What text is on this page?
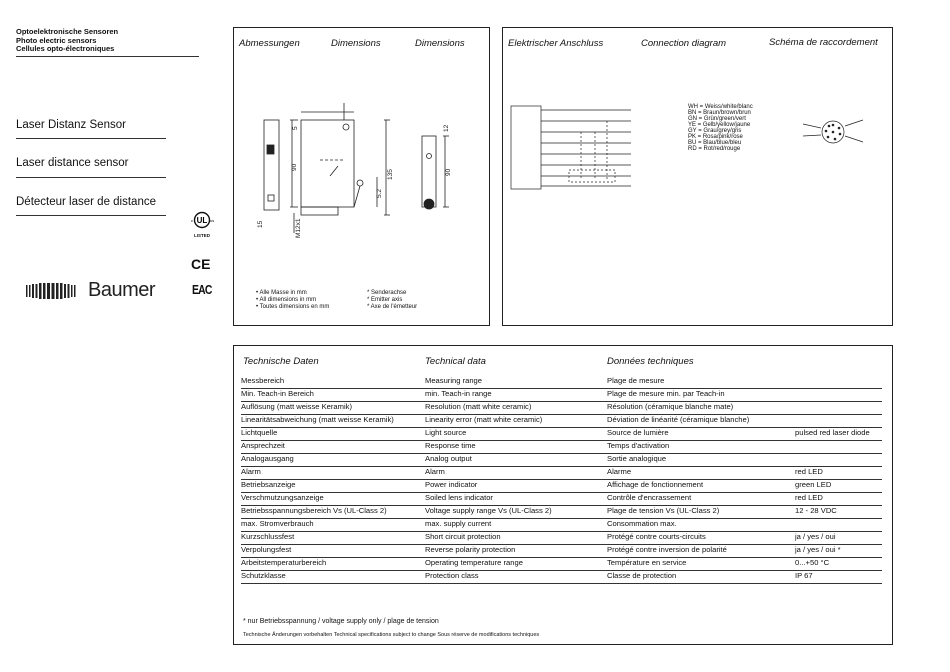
Optoelektronische Sensoren
Photo electric sensors
Cellules opto-électroniques
Laser Distanz Sensor
Laser distance sensor
Détecteur laser de distance
UL
c	us
LISTED
CE
EAC
Baumer
Abmessungen	Dimensions	Dimensions
5
90
M12x1
15
5.2
135
12
90
• Alle Masse in mm
• All dimensions in mm
• Toutes dimensions en mm
* Senderachse
* Emitter axis
* Axe de l'émetteur
Elektrischer Anschluss	Connection diagram	Schéma de raccordement
WH = Weiss/white/blanc
BN = Braun/brown/brun
GN = Grün/green/vert
YE = Gelb/yellow/jaune
GY = Grau/grey/gris
PK = Rosa/pink/rose
BU = Blau/blue/bleu
RD = Rot/red/rouge
Technische Daten	Technical data	Données techniques
Messbereich	Measuring range	Plage de mesure
Min. Teach-in Bereich	min. Teach-in range	Plage de mesure min. par Teach-in
Auflösung (matt weisse Keramik)	Resolution (matt white ceramic)	Résolution (céramique blanche mate)
Linearitätsabweichung (matt weisse Keramik)	Linearity error (matt white ceramic)	Déviation de linéarité (céramique blanche)
Lichtquelle	Light source	Source de lumière	pulsed red laser diode
Ansprechzeit	Response time	Temps d'activation
Analogausgang	Analog output	Sortie analogique
Alarm	Alarm	Alarme	red LED
Betriebsanzeige	Power indicator	Affichage de fonctionnement	green LED
Verschmutzungsanzeige	Soiled lens indicator	Contrôle d'encrassement	red LED
Betriebsspannungsbereich Vs (UL-Class 2)	Voltage supply range Vs (UL-Class 2)	Plage de tension Vs (UL-Class 2)	12 - 28 VDC
max. Stromverbrauch	max. supply current	Consommation max.
Kurzschlussfest	Short circuit protection	Protégé contre courts-circuits	ja / yes / oui
Verpolungsfest	Reverse polarity protection	Protégé contre inversion de polarité	ja / yes / oui *
Arbeitstemperaturbereich	Operating temperature range	Température en service	0...+50 °C
Schutzklasse	Protection class	Classe de protection	IP 67
* nur Betriebsspannung / voltage supply only / plage de tension
Technische Änderungen vorbehalten Technical specifications subject to change Sous réserve de modifications techniques
